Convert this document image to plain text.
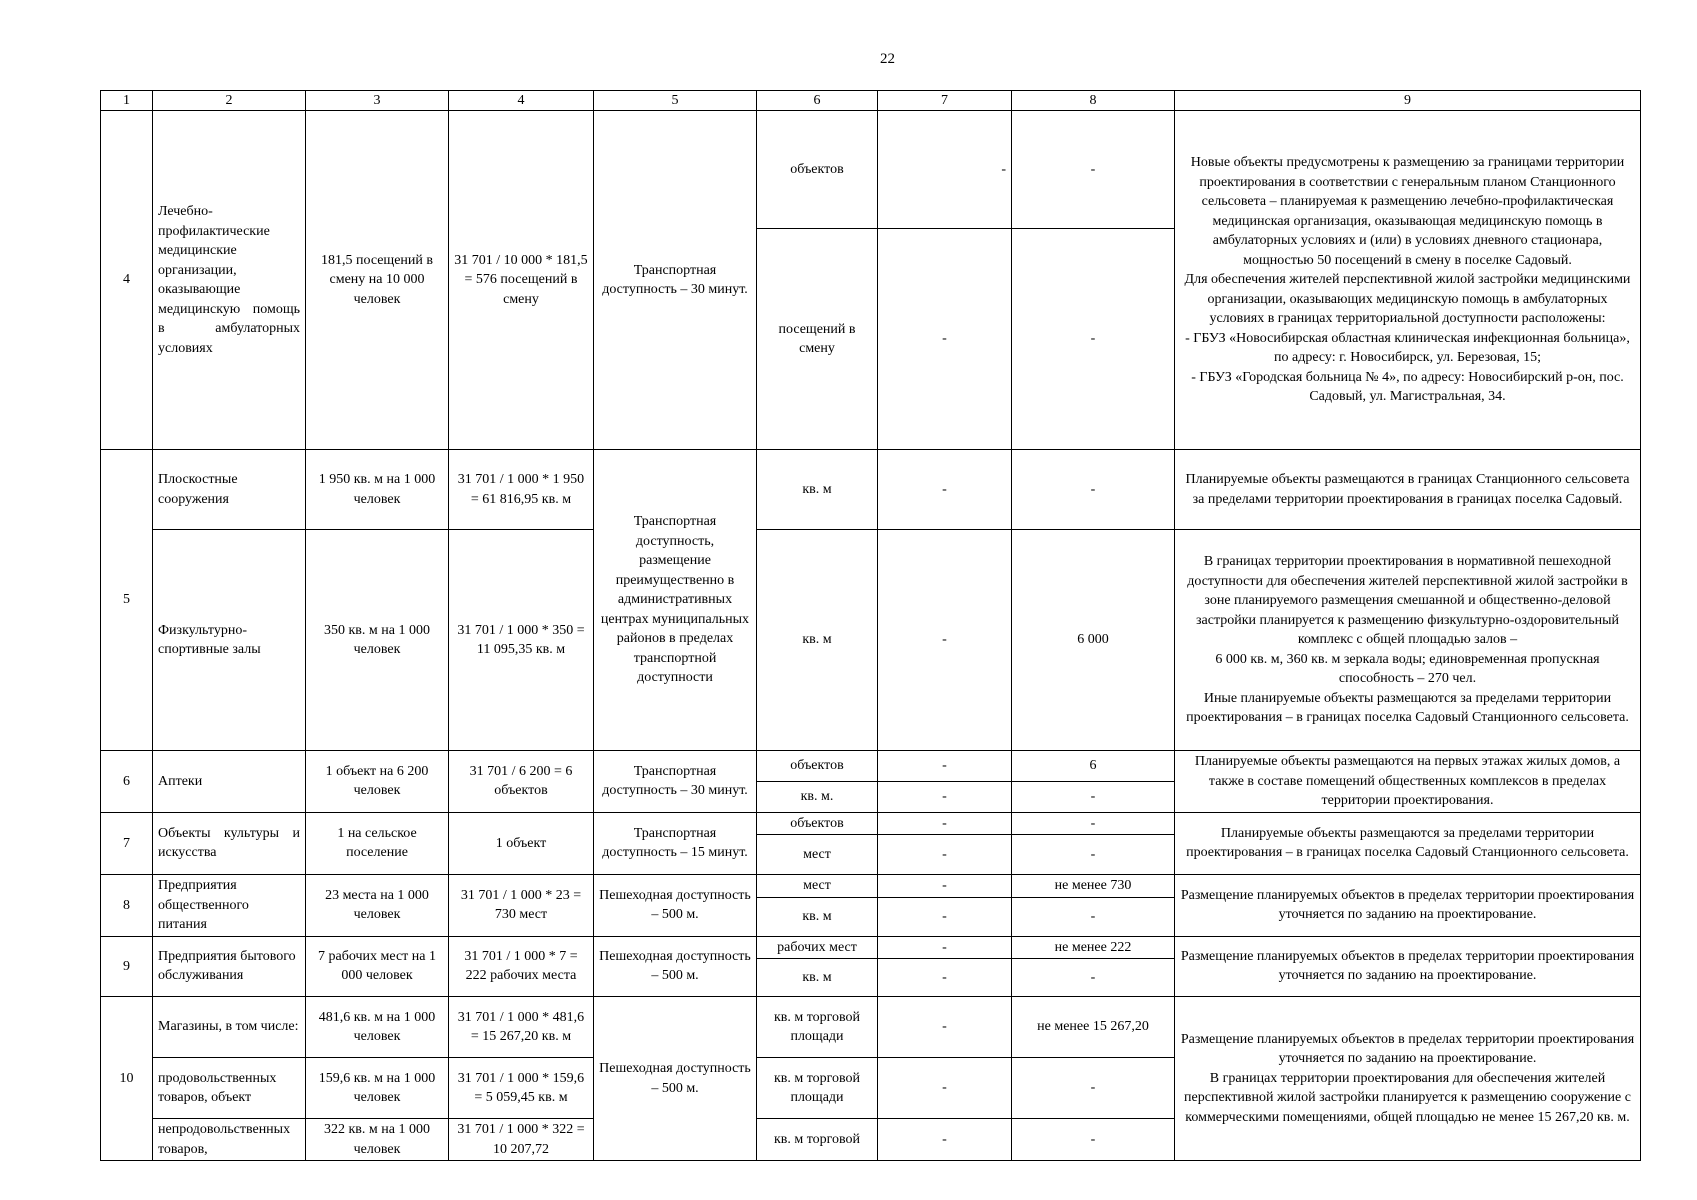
22
1	2	3	4	5	6	7	8	9
4	Лечебно-профилактические медицинские организации, оказывающие медицинскую помощь в амбулаторных условиях	181,5 посещений в смену на 10 000 человек	31 701 / 10 000 * 181,5 = 576 посещений в смену	Транспортная доступность – 30 минут.	объектов	-	-	Новые объекты предусмотрены к размещению за границами территории проектирования в соответствии с генеральным планом Станционного сельсовета – планируемая к размещению лечебно-профилактическая медицинская организация, оказывающая медицинскую помощь в амбулаторных условиях и (или) в условиях дневного стационара, мощностью 50 посещений в смену в поселке Садовый.
Для обеспечения жителей перспективной жилой застройки медицинскими организации, оказывающих медицинскую помощь в амбулаторных условиях в границах территориальной доступности расположены:
- ГБУЗ «Новосибирская областная клиническая инфекционная больница», по адресу: г. Новосибирск, ул. Березовая, 15;
- ГБУЗ «Городская больница № 4», по адресу: Новосибирский р-он, пос. Садовый, ул. Магистральная, 34.
					посещений в смену	-	-	
5	Плоскостные сооружения	1 950 кв. м на 1 000 человек	31 701 / 1 000 * 1 950 = 61 816,95 кв. м	Транспортная доступность, размещение преимущественно в административных центрах муниципальных районов в пределах транспортной доступности	кв. м	-	-	Планируемые объекты размещаются в границах Станционного сельсовета за пределами территории проектирования в границах поселка Садовый.
	Физкультурно-спортивные залы	350 кв. м на 1 000 человек	31 701 / 1 000 * 350 = 11 095,35 кв. м		кв. м	-	6 000	В границах территории проектирования в нормативной пешеходной доступности для обеспечения жителей перспективной жилой застройки в зоне планируемого размещения смешанной и общественно-деловой застройки планируется к размещению физкультурно-оздоровительный комплекс с общей площадью залов –
6 000 кв. м, 360 кв. м зеркала воды; единовременная пропускная способность – 270 чел.
Иные планируемые объекты размещаются за пределами территории проектирования – в границах поселка Садовый Станционного сельсовета.
6	Аптеки	1 объект на 6 200 человек	31 701 / 6 200 = 6 объектов	Транспортная доступность – 30 минут.	объектов	-	6	Планируемые объекты размещаются на первых этажах жилых домов, а также в составе помещений общественных комплексов в пределах территории проектирования.
					кв. м.	-	-	
7	Объекты культуры и искусства	1 на сельское поселение	1 объект	Транспортная доступность – 15 минут.	объектов	-	-	Планируемые объекты размещаются за пределами территории проектирования – в границах поселка Садовый Станционного сельсовета.
					мест	-	-	
8	Предприятия общественного питания	23 места на 1 000 человек	31 701 / 1 000 * 23 = 730 мест	Пешеходная доступность – 500 м.	мест	-	не менее 730	Размещение планируемых объектов в пределах территории проектирования уточняется по заданию на проектирование.
					кв. м	-	-	
9	Предприятия бытового обслуживания	7 рабочих мест на 1 000 человек	31 701 / 1 000 * 7 = 222 рабочих места	Пешеходная доступность – 500 м.	рабочих мест	-	не менее 222	Размещение планируемых объектов в пределах территории проектирования уточняется по заданию на проектирование.
					кв. м	-	-	
10	Магазины, в том числе:	481,6 кв. м на 1 000 человек	31 701 / 1 000 * 481,6 = 15 267,20 кв. м	Пешеходная доступность – 500 м.	кв. м торговой площади	-	не менее 15 267,20	Размещение планируемых объектов в пределах территории проектирования уточняется по заданию на проектирование.
В границах территории проектирования для обеспечения жителей перспективной жилой застройки планируется к размещению сооружение с коммерческими помещениями, общей площадью не менее 15 267,20 кв. м.
	продовольственных товаров, объект	159,6 кв. м на 1 000 человек	31 701 / 1 000 * 159,6 = 5 059,45 кв. м		кв. м торговой площади	-	-	
	непродовольственных товаров,	322 кв. м на 1 000 человек	31 701 / 1 000 * 322 = 10 207,72		кв. м торговой	-	-	
